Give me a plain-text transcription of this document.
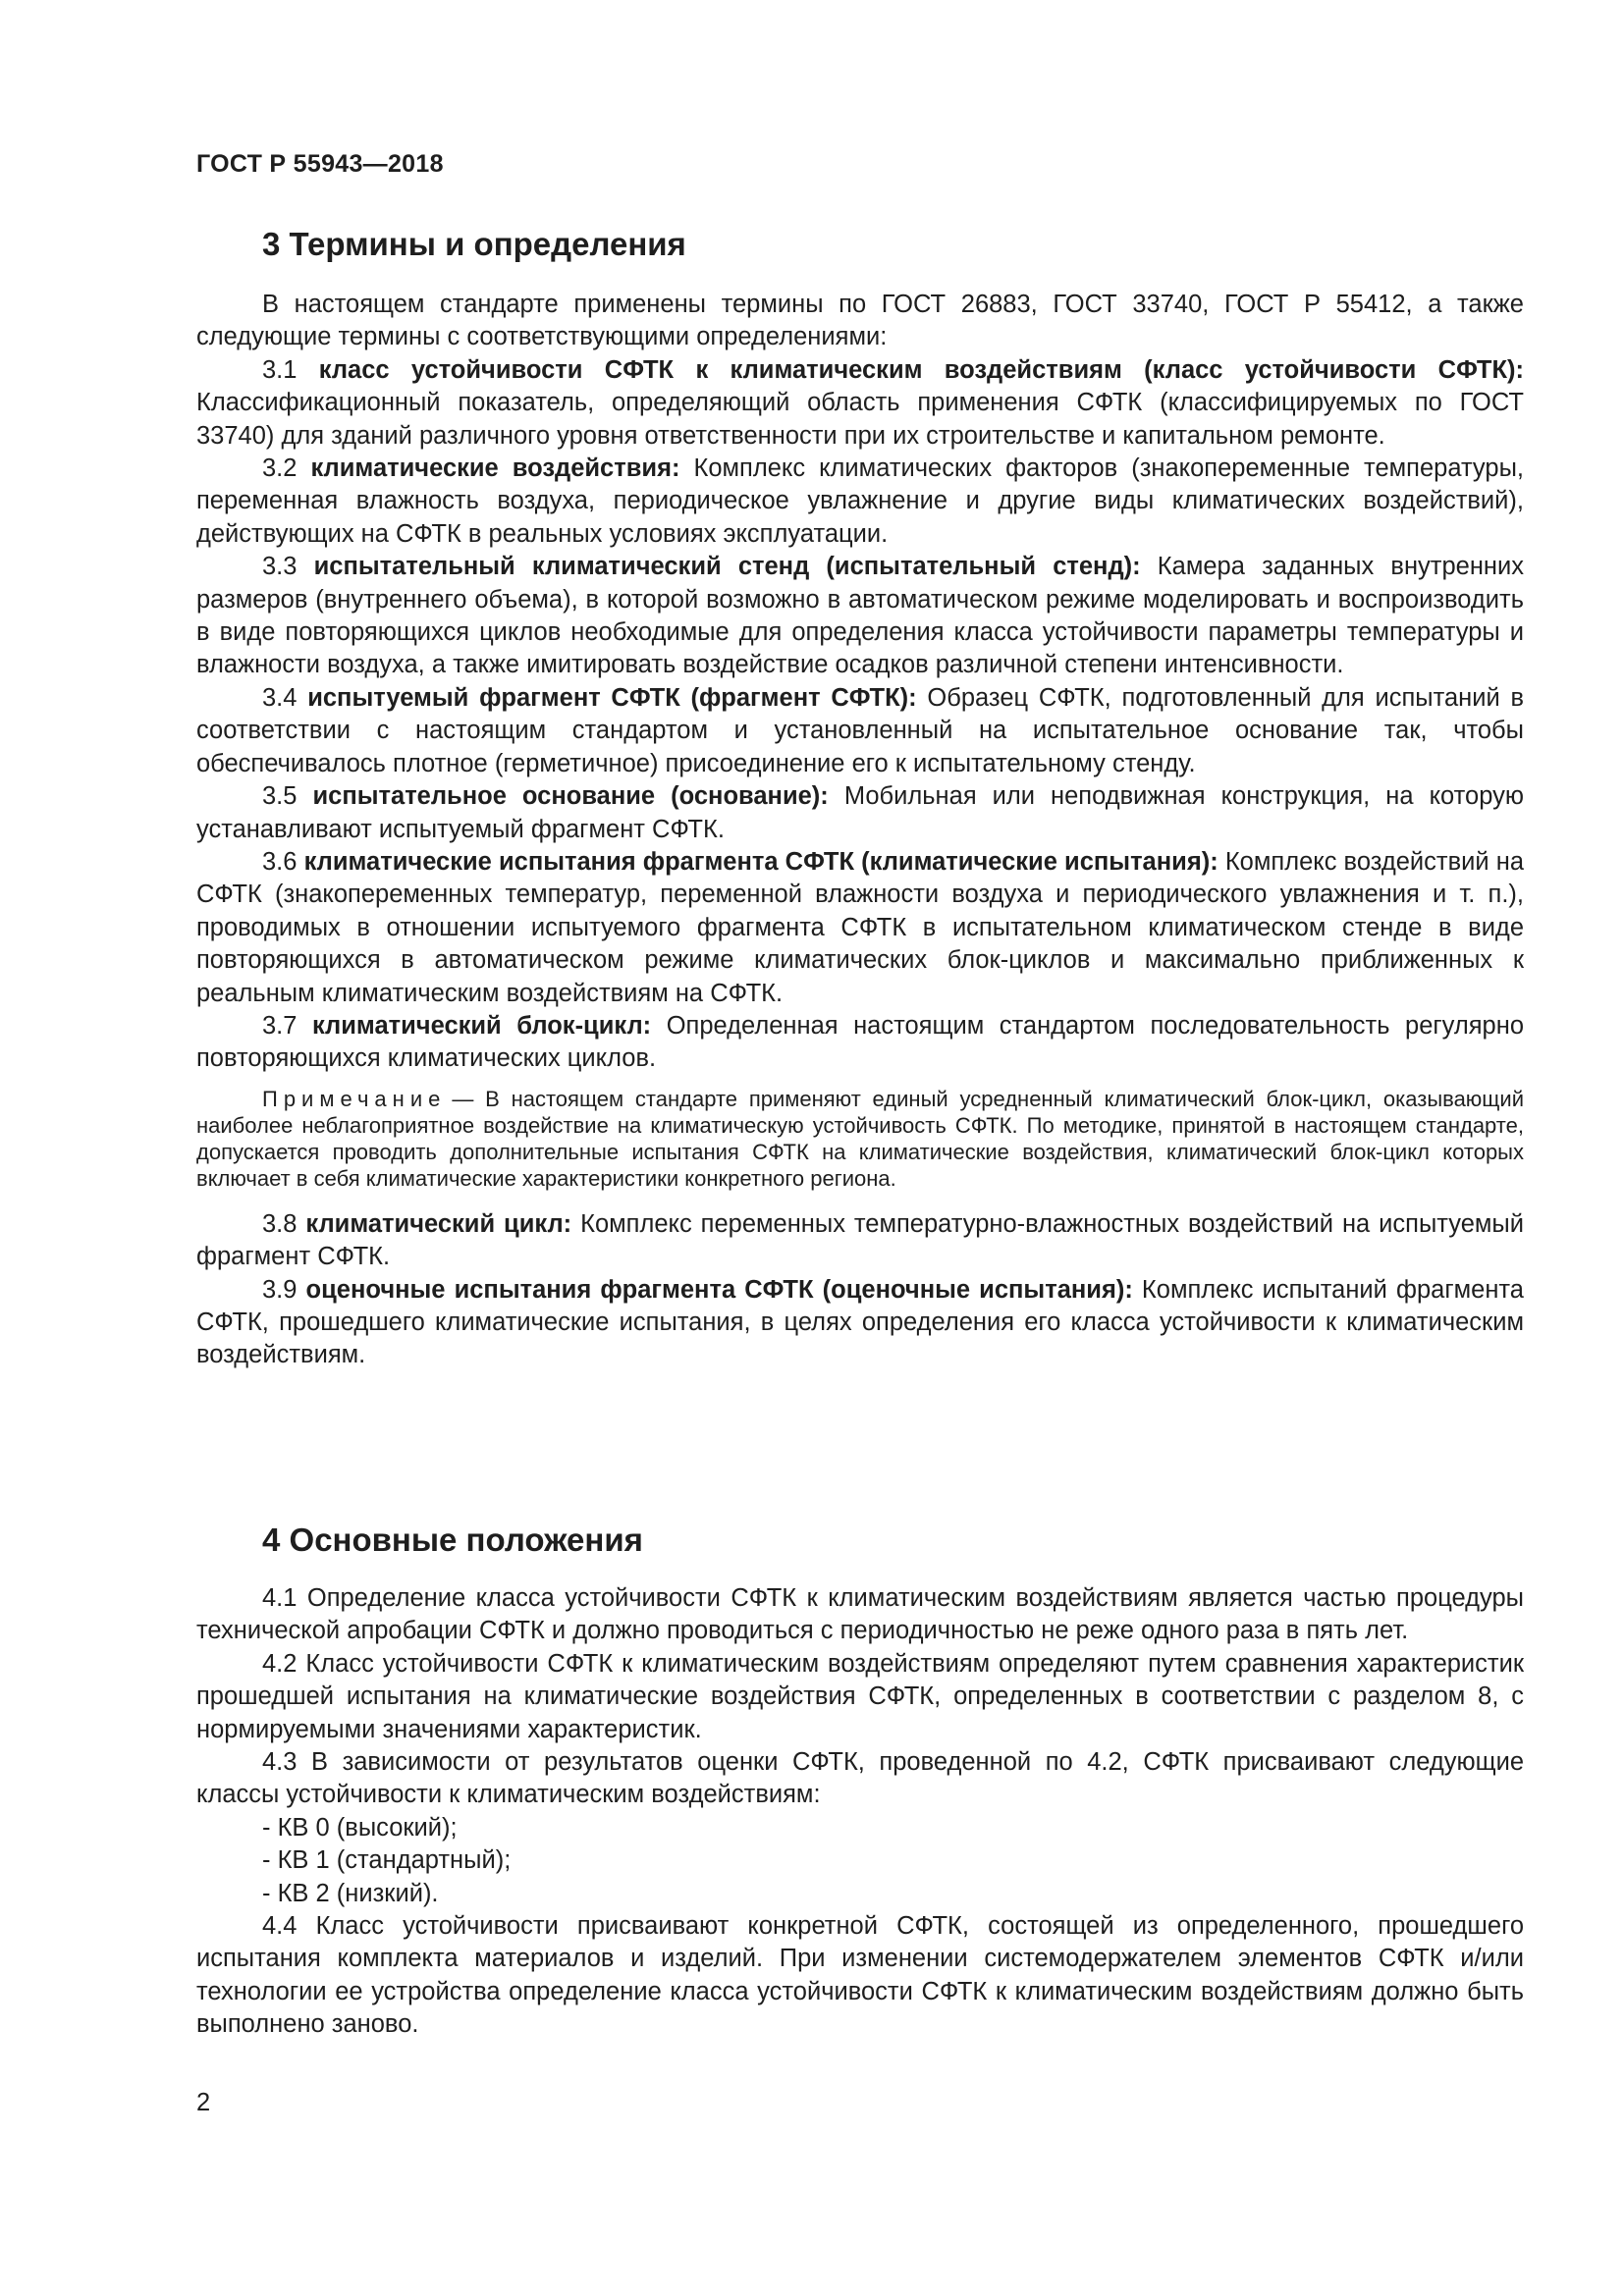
ГОСТ Р 55943—2018
3 Термины и определения

В настоящем стандарте применены термины по ГОСТ 26883, ГОСТ 33740, ГОСТ Р 55412, а также следующие термины с соответствующими определениями:

3.1 класс устойчивости СФТК к климатическим воздействиям (класс устойчивости СФТК): Классификационный показатель, определяющий область применения СФТК (классифицируемых по ГОСТ 33740) для зданий различного уровня ответственности при их строительстве и капитальном ремонте.

3.2 климатические воздействия: Комплекс климатических факторов (знакопеременные температуры, переменная влажность воздуха, периодическое увлажнение и другие виды климатических воздействий), действующих на СФТК в реальных условиях эксплуатации.

3.3 испытательный климатический стенд (испытательный стенд): Камера заданных внутренних размеров (внутреннего объема), в которой возможно в автоматическом режиме моделировать и воспроизводить в виде повторяющихся циклов необходимые для определения класса устойчивости параметры температуры и влажности воздуха, а также имитировать воздействие осадков различной степени интенсивности.

3.4 испытуемый фрагмент СФТК (фрагмент СФТК): Образец СФТК, подготовленный для испытаний в соответствии с настоящим стандартом и установленный на испытательное основание так, чтобы обеспечивалось плотное (герметичное) присоединение его к испытательному стенду.

3.5 испытательное основание (основание): Мобильная или неподвижная конструкция, на которую устанавливают испытуемый фрагмент СФТК.

3.6 климатические испытания фрагмента СФТК (климатические испытания): Комплекс воздействий на СФТК (знакопеременных температур, переменной влажности воздуха и периодического увлажнения и т. п.), проводимых в отношении испытуемого фрагмента СФТК в испытательном климатическом стенде в виде повторяющихся в автоматическом режиме климатических блок-циклов и максимально приближенных к реальным климатическим воздействиям на СФТК.

3.7 климатический блок-цикл: Определенная настоящим стандартом последовательность регулярно повторяющихся климатических циклов.

Примечание — В настоящем стандарте применяют единый усредненный климатический блок-цикл, оказывающий наиболее неблагоприятное воздействие на климатическую устойчивость СФТК. По методике, принятой в настоящем стандарте, допускается проводить дополнительные испытания СФТК на климатические воздействия, климатический блок-цикл которых включает в себя климатические характеристики конкретного региона.

3.8 климатический цикл: Комплекс переменных температурно-влажностных воздействий на испытуемый фрагмент СФТК.

3.9 оценочные испытания фрагмента СФТК (оценочные испытания): Комплекс испытаний фрагмента СФТК, прошедшего климатические испытания, в целях определения его класса устойчивости к климатическим воздействиям.

4 Основные положения

4.1 Определение класса устойчивости СФТК к климатическим воздействиям является частью процедуры технической апробации СФТК и должно проводиться с периодичностью не реже одного раза в пять лет.

4.2 Класс устойчивости СФТК к климатическим воздействиям определяют путем сравнения характеристик прошедшей испытания на климатические воздействия СФТК, определенных в соответствии с разделом 8, с нормируемыми значениями характеристик.

4.3 В зависимости от результатов оценки СФТК, проведенной по 4.2, СФТК присваивают следующие классы устойчивости к климатическим воздействиям:

- КВ 0 (высокий);

- КВ 1 (стандартный);

- КВ 2 (низкий).

4.4 Класс устойчивости присваивают конкретной СФТК, состоящей из определенного, прошедшего испытания комплекта материалов и изделий. При изменении системодержателем элементов СФТК и/или технологии ее устройства определение класса устойчивости СФТК к климатическим воздействиям должно быть выполнено заново.

2
